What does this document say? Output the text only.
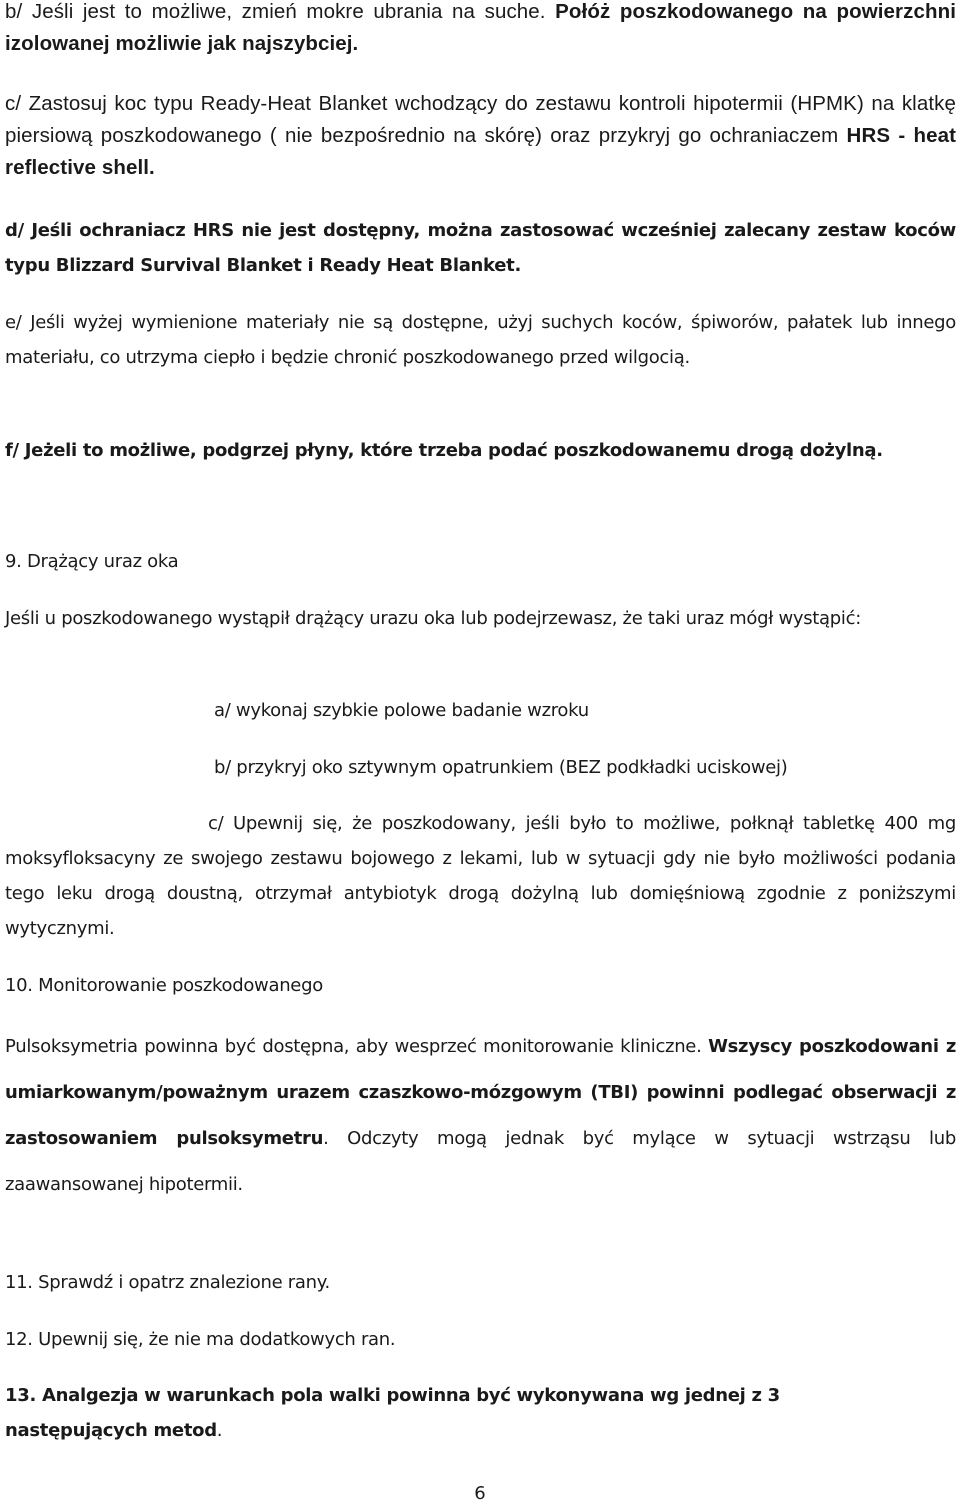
b/ Jeśli jest to możliwe, zmień mokre ubrania na suche. Połóż poszkodowanego na powierzchni izolowanej możliwie jak najszybciej.

c/ Zastosuj koc typu Ready-Heat Blanket wchodzący do zestawu kontroli hipotermii (HPMK) na klatkę piersiową poszkodowanego ( nie bezpośrednio na skórę) oraz przykryj go ochraniaczem HRS - heat reflective shell.

d/ Jeśli ochraniacz HRS nie jest dostępny, można zastosować wcześniej zalecany zestaw koców typu Blizzard Survival Blanket i Ready Heat Blanket.

e/ Jeśli wyżej wymienione materiały nie są dostępne, użyj suchych koców, śpiworów, pałatek lub innego materiału, co utrzyma ciepło i będzie chronić poszkodowanego przed wilgocią.

f/ Jeżeli to możliwe, podgrzej płyny, które trzeba podać poszkodowanemu drogą dożylną.

9. Drążący uraz oka

Jeśli u poszkodowanego wystąpił drążący urazu oka lub podejrzewasz, że taki uraz mógł wystąpić:

a/ wykonaj szybkie polowe badanie wzroku

b/ przykryj oko sztywnym opatrunkiem (BEZ podkładki uciskowej)

c/ Upewnij się, że poszkodowany, jeśli było to możliwe, połknął tabletkę 400 mg moksyfloksacyny ze swojego zestawu bojowego z lekami, lub w sytuacji gdy nie było możliwości podania tego leku drogą doustną, otrzymał antybiotyk drogą dożylną lub domięśniową zgodnie z poniższymi wytycznymi.

10. Monitorowanie poszkodowanego

Pulsoksymetria powinna być dostępna, aby wesprzeć monitorowanie kliniczne. Wszyscy poszkodowani z umiarkowanym/poważnym urazem czaszkowo-mózgowym (TBI) powinni podlegać obserwacji z zastosowaniem pulsoksymetru. Odczyty mogą jednak być mylące w sytuacji wstrząsu lub zaawansowanej hipotermii.

11. Sprawdź i opatrz znalezione rany.

12. Upewnij się, że nie ma dodatkowych ran.

13. Analgezja w warunkach pola walki powinna być wykonywana wg jednej z 3 następujących metod.

6
